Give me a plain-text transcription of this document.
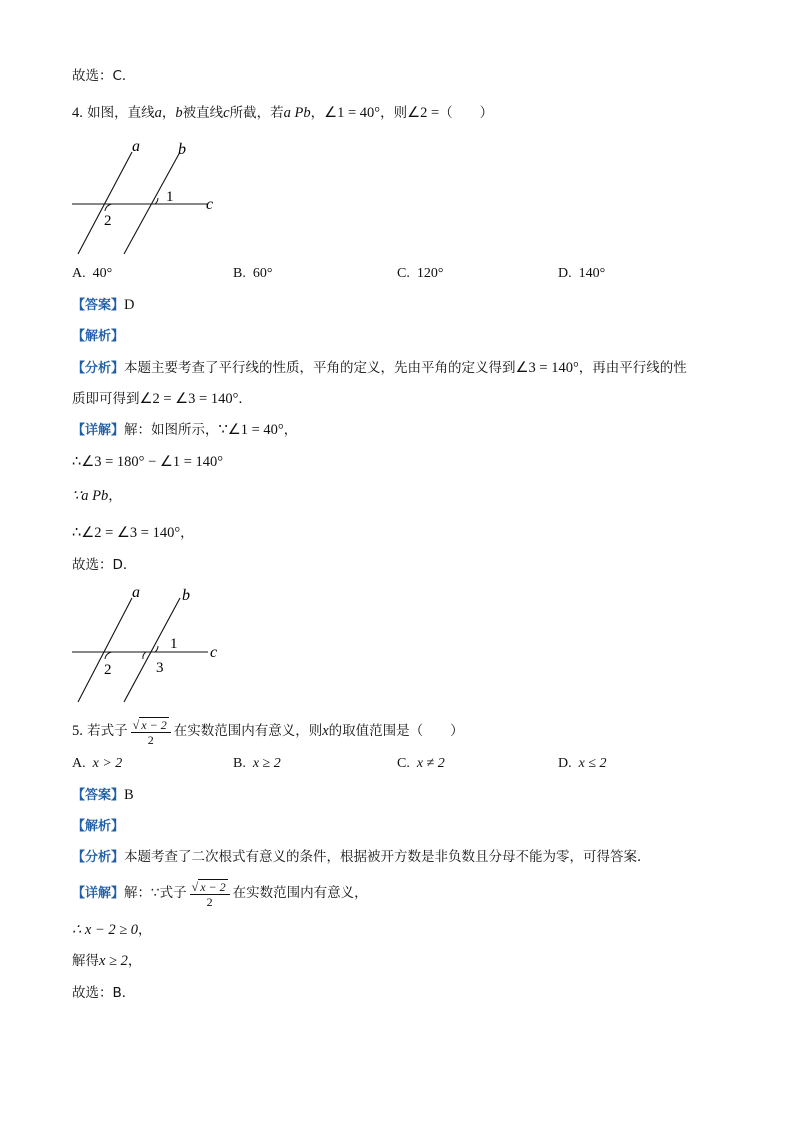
故选：C．
4. 如图，直线a，b被直线c所截，若a Pb，∠1 = 40°，则∠2 =（　　）
a b
c
1
2
A. 40°	B. 60°	C. 120°	D. 140°
【答案】D
【解析】
【分析】本题主要考查了平行线的性质，平角的定义，先由平角的定义得到∠3 = 140°，再由平行线的性
质即可得到∠2 = ∠3 = 140°．
【详解】解：如图所示，∵∠1 = 40°，
∴∠3 = 180° − ∠1 = 140°
∵a Pb，
∴∠2 = ∠3 = 140°，
故选：D．
a	b
c
1
2	3
5. 若式子 $\frac{√ x - 2}{2}$ 在实数范围内有意义，则x的取值范围是（　　）
A. x > 2	B. x ≥ 2	C. x ≠ 2	D. x ≤ 2
【答案】B
【解析】
【分析】本题考查了二次根式有意义的条件，根据被开方数是非负数且分母不能为零，可得答案．
【详解】解：∵式子 $\frac{√ x - 2}{2}$ 在实数范围内有意义，
∴ x − 2 ≥ 0，
解得x ≥ 2，
故选：B．
